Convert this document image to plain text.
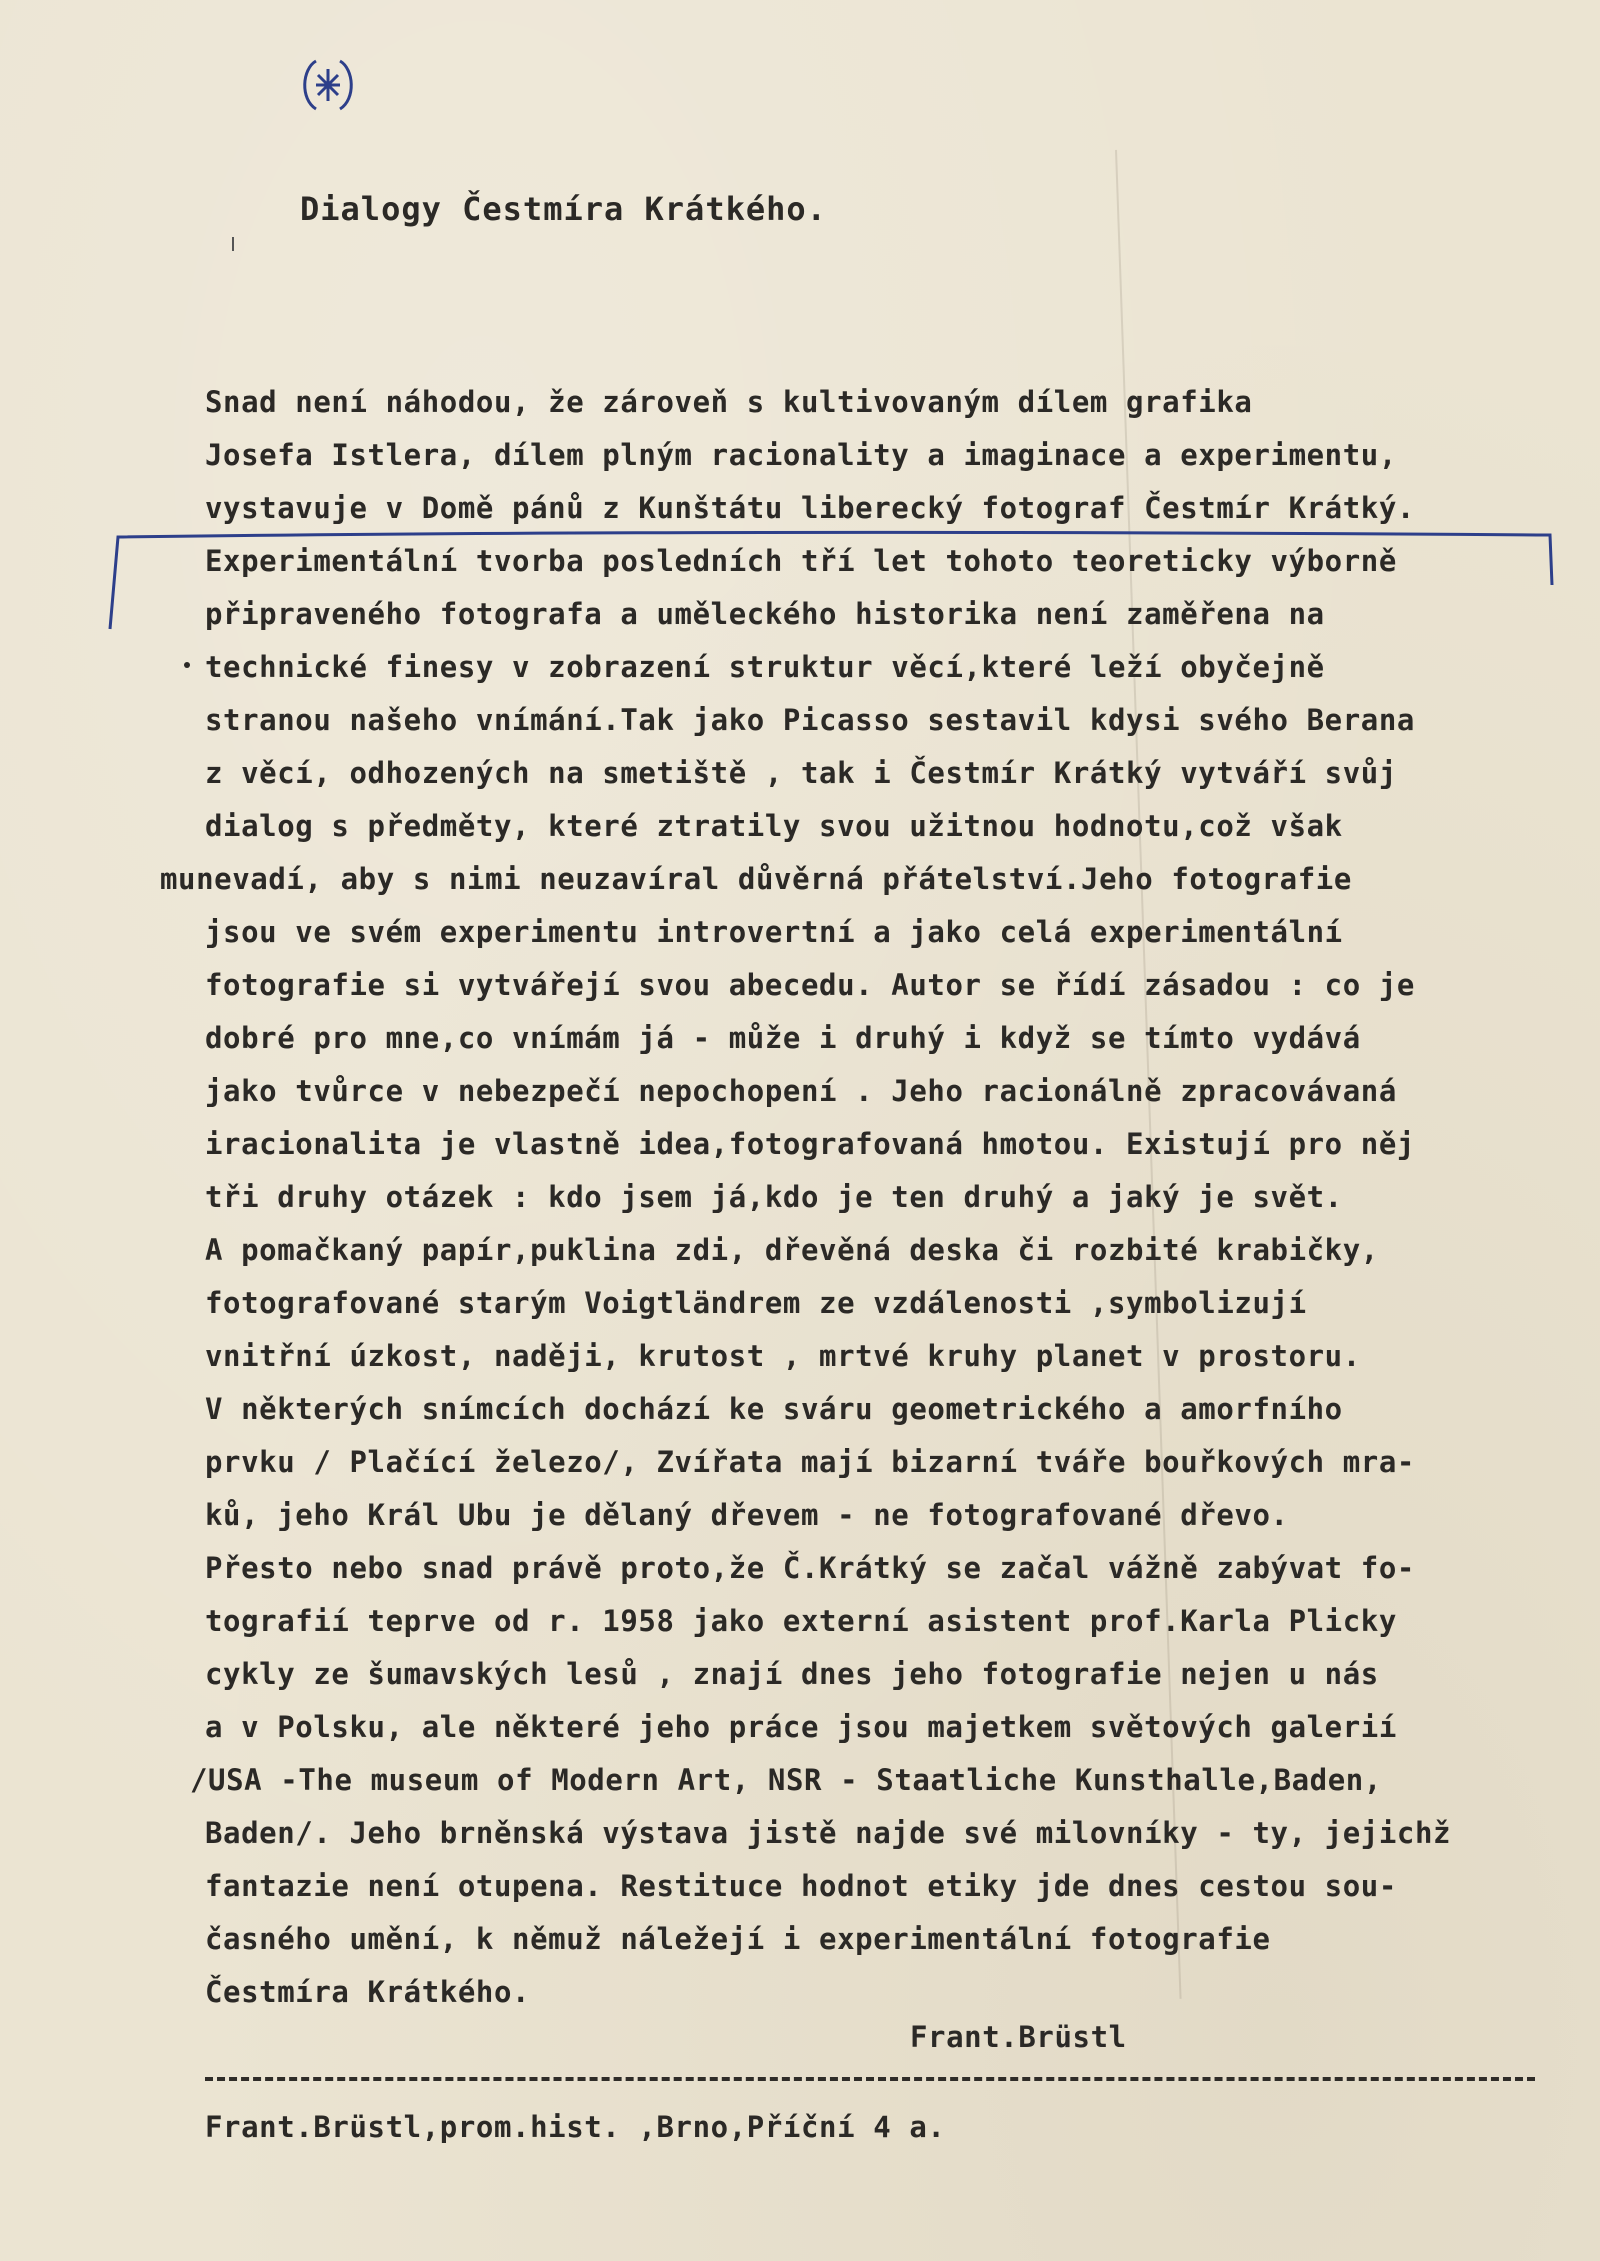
Dialogy Čestmíra Krátkého.
Snad není náhodou, že zároveň s kultivovaným dílem grafika
Josefa Istlera, dílem plným racionality a imaginace a experimentu,
vystavuje v Domě pánů z Kunštátu liberecký fotograf Čestmír Krátký.
Experimentální tvorba posledních tří let tohoto teoreticky výborně
připraveného fotografa a uměleckého historika není zaměřena na
technické finesy v zobrazení struktur věcí,které leží obyčejně
stranou našeho vnímání.Tak jako Picasso sestavil kdysi svého Berana
z věcí, odhozených na smetiště , tak i Čestmír Krátký vytváří svůj
dialog s předměty, které ztratily svou užitnou hodnotu,což však
munevadí, aby s nimi neuzavíral důvěrná přátelství.Jeho fotografie
jsou ve svém experimentu introvertní a jako celá experimentální
fotografie si vytvářejí svou abecedu. Autor se řídí zásadou : co je
dobré pro mne,co vnímám já - může i druhý i když se tímto vydává
jako tvůrce v nebezpečí nepochopení . Jeho racionálně zpracovávaná
iracionalita je vlastně idea,fotografovaná hmotou. Existují pro něj
tři druhy otázek : kdo jsem já,kdo je ten druhý a jaký je svět.
A pomačkaný papír,puklina zdi, dřevěná deska či rozbité krabičky,
fotografované starým Voigtländrem ze vzdálenosti ,symbolizují
vnitřní úzkost, naději, krutost , mrtvé kruhy planet v prostoru.
V některých snímcích dochází ke sváru geometrického a amorfního
prvku / Plačící železo/, Zvířata mají bizarní tváře bouřkových mra-
ků, jeho Král Ubu je dělaný dřevem - ne fotografované dřevo.
Přesto nebo snad právě proto,že Č.Krátký se začal vážně zabývat fo-
tografií teprve od r. 1958 jako externí asistent prof.Karla Plicky
cykly ze šumavských lesů , znají dnes jeho fotografie nejen u nás
a v Polsku, ale některé jeho práce jsou majetkem světových galerií
/USA -The museum of Modern Art, NSR - Staatliche Kunsthalle,Baden,
Baden/. Jeho brněnská výstava jistě najde své milovníky - ty, jejichž
fantazie není otupena. Restituce hodnot etiky jde dnes cestou sou-
časného umění, k němuž náležejí i experimentální fotografie
Čestmíra Krátkého.
Frant.Brüstl
Frant.Brüstl,prom.hist. ,Brno,Příční 4 a.
